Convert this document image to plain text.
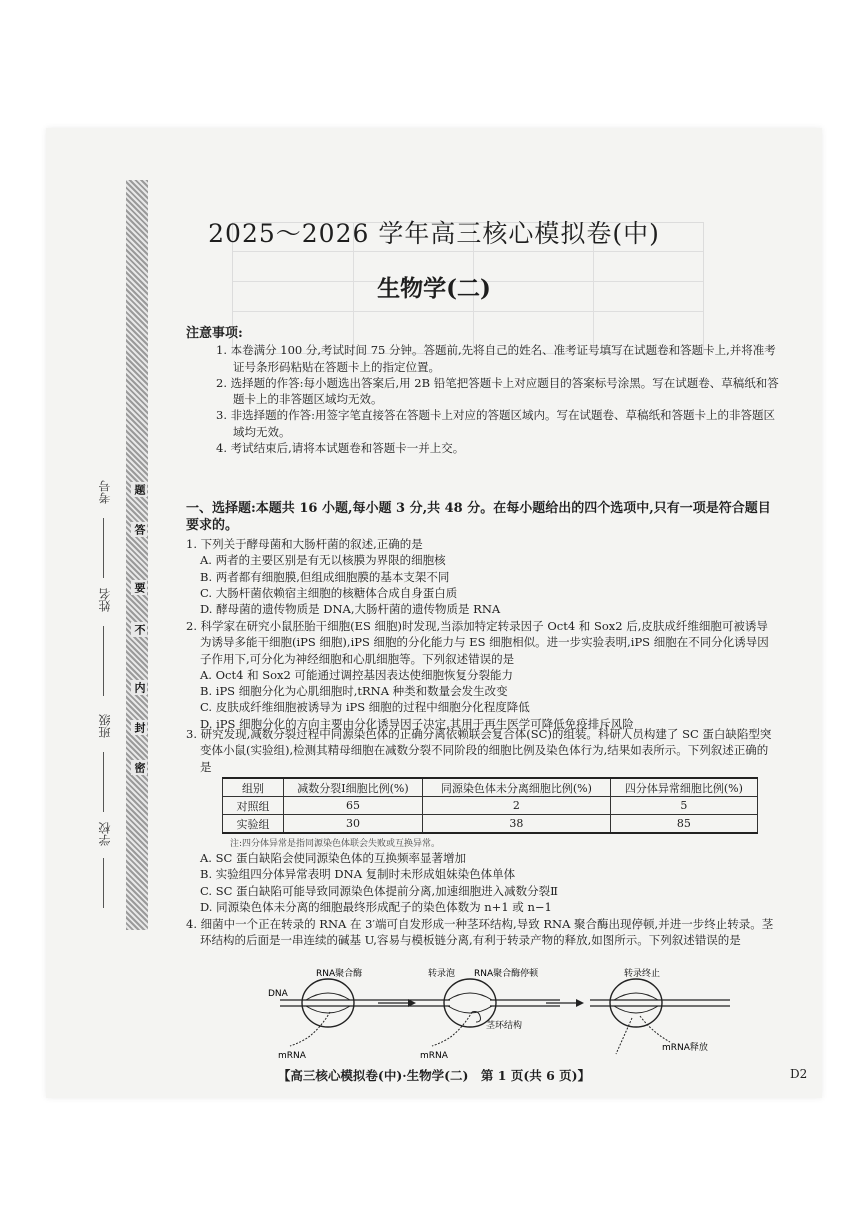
考号
姓名
班级
学校
题
答
要
不
内
封
密
2025～2026 学年高三核心模拟卷(中)
生物学(二)
注意事项:
1. 本卷满分 100 分,考试时间 75 分钟。答题前,先将自己的姓名、准考证号填写在试题卷和答题卡上,并将准考证号条形码粘贴在答题卡上的指定位置。
2. 选择题的作答:每小题选出答案后,用 2B 铅笔把答题卡上对应题目的答案标号涂黑。写在试题卷、草稿纸和答题卡上的非答题区域均无效。
3. 非选择题的作答:用签字笔直接答在答题卡上对应的答题区域内。写在试题卷、草稿纸和答题卡上的非答题区域均无效。
4. 考试结束后,请将本试题卷和答题卡一并上交。
一、选择题:本题共 16 小题,每小题 3 分,共 48 分。在每小题给出的四个选项中,只有一项是符合题目要求的。
1. 下列关于酵母菌和大肠杆菌的叙述,正确的是
A. 两者的主要区别是有无以核膜为界限的细胞核
B. 两者都有细胞膜,但组成细胞膜的基本支架不同
C. 大肠杆菌依赖宿主细胞的核糖体合成自身蛋白质
D. 酵母菌的遗传物质是 DNA,大肠杆菌的遗传物质是 RNA
2. 科学家在研究小鼠胚胎干细胞(ES 细胞)时发现,当添加特定转录因子 Oct4 和 Sox2 后,皮肤成纤维细胞可被诱导为诱导多能干细胞(iPS 细胞),iPS 细胞的分化能力与 ES 细胞相似。进一步实验表明,iPS 细胞在不同分化诱导因子作用下,可分化为神经细胞和心肌细胞等。下列叙述错误的是
A. Oct4 和 Sox2 可能通过调控基因表达使细胞恢复分裂能力
B. iPS 细胞分化为心肌细胞时,tRNA 种类和数量会发生改变
C. 皮肤成纤维细胞被诱导为 iPS 细胞的过程中细胞分化程度降低
D. iPS 细胞分化的方向主要由分化诱导因子决定,其用于再生医学可降低免疫排斥风险
3. 研究发现,减数分裂过程中同源染色体的正确分离依赖联会复合体(SC)的组装。科研人员构建了 SC 蛋白缺陷型突变体小鼠(实验组),检测其精母细胞在减数分裂不同阶段的细胞比例及染色体行为,结果如表所示。下列叙述正确的是
组别	减数分裂Ⅰ细胞比例(%)	同源染色体未分离细胞比例(%)	四分体异常细胞比例(%)
对照组	65	2	5
实验组	30	38	85
注:四分体异常是指同源染色体联会失败或互换异常。
A. SC 蛋白缺陷会使同源染色体的互换频率显著增加
B. 实验组四分体异常表明 DNA 复制时未形成姐妹染色体单体
C. SC 蛋白缺陷可能导致同源染色体提前分离,加速细胞进入减数分裂Ⅱ
D. 同源染色体未分离的细胞最终形成配子的染色体数为 n+1 或 n−1
4. 细菌中一个正在转录的 RNA 在 3′端可自发形成一种茎环结构,导致 RNA 聚合酶出现停顿,并进一步终止转录。茎环结构的后面是一串连续的碱基 U,容易与模板链分离,有利于转录产物的释放,如图所示。下列叙述错误的是
DNA
RNA聚合酶
mRNA
转录泡 RNA聚合酶停顿
茎环结构
mRNA
转录终止
mRNA释放
【高三核心模拟卷(中)·生物学(二)　第 1 页(共 6 页)】	D2
